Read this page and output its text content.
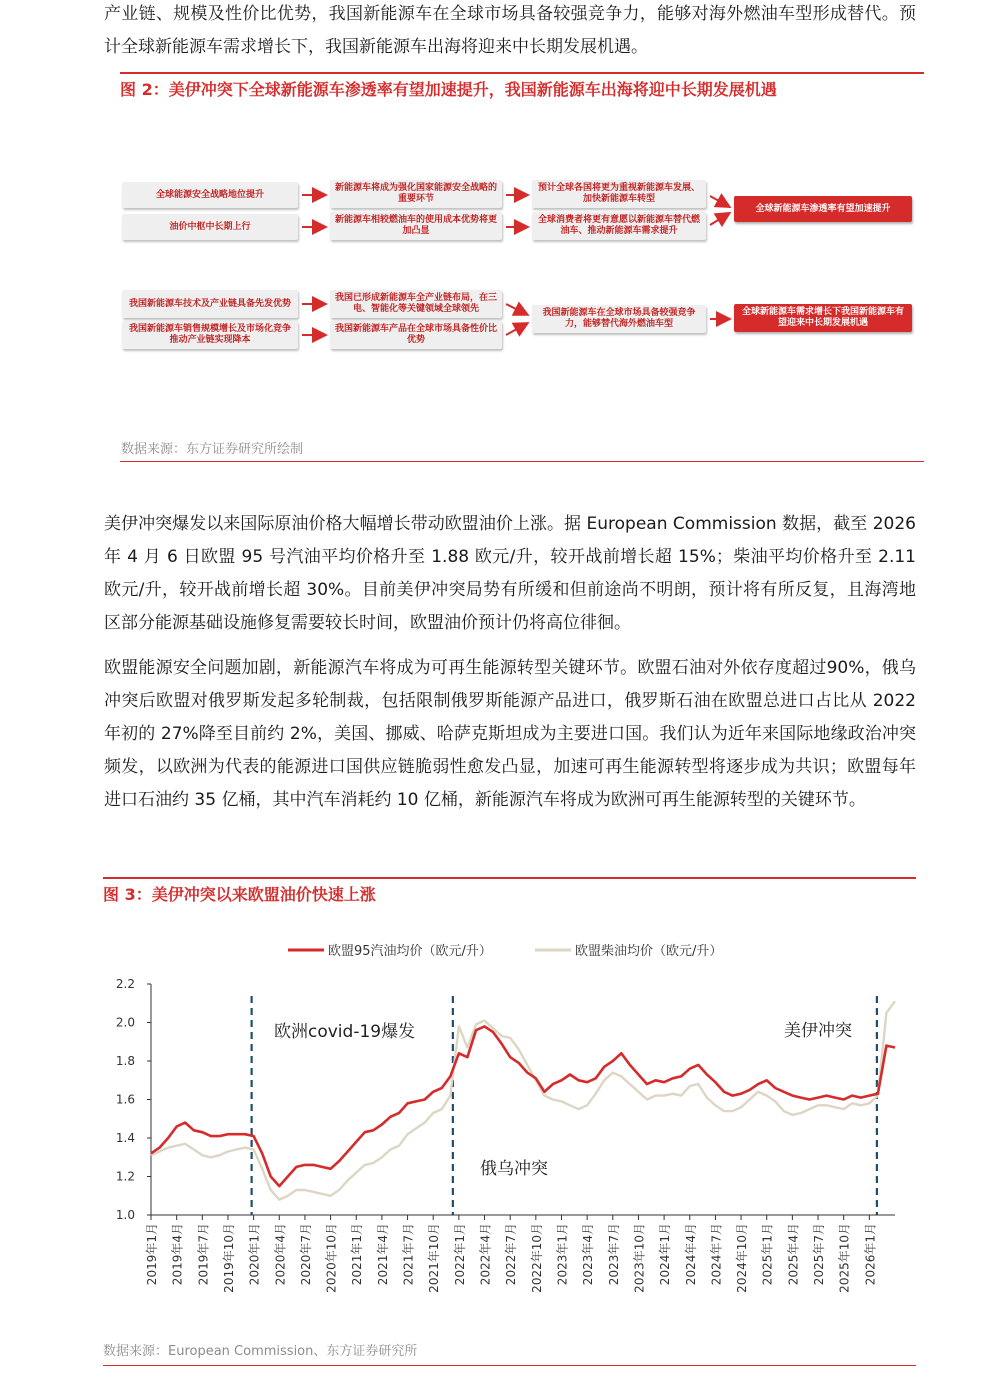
产业链、规模及性价比优势，我国新能源车在全球市场具备较强竞争力，能够对海外燃油车型形成替代。预计全球新能源车需求增长下，我国新能源车出海将迎来中长期发展机遇。

图 2：美伊冲突下全球新能源车渗透率有望加速提升，我国新能源车出海将迎中长期发展机遇
全球能源安全战略地位提升
油价中枢中长期上行
新能源车将成为强化国家能源安全战略的重要环节
新能源车相较燃油车的使用成本优势将更加凸显
预计全球各国将更为重视新能源车发展、加快新能源车转型
全球消费者将更有意愿以新能源车替代燃油车、推动新能源车需求提升
全球新能源车渗透率有望加速提升
我国新能源车技术及产业链具备先发优势
我国新能源车销售规模增长及市场化竞争推动产业链实现降本
我国已形成新能源车全产业链布局，在三电、智能化等关键领域全球领先
我国新能源车产品在全球市场具备性价比优势
我国新能源车在全球市场具备较强竞争力，能够替代海外燃油车型
全球新能源车需求增长下我国新能源车有望迎来中长期发展机遇
数据来源：东方证券研究所绘制

美伊冲突爆发以来国际原油价格大幅增长带动欧盟油价上涨。据 European Commission 数据，截至 2026 年 4 月 6 日欧盟 95 号汽油平均价格升至 1.88 欧元/升，较开战前增长超 15%；柴油平均价格升至 2.11 欧元/升，较开战前增长超 30%。目前美伊冲突局势有所缓和但前途尚不明朗，预计将有所反复，且海湾地区部分能源基础设施修复需要较长时间，欧盟油价预计仍将高位徘徊。

欧盟能源安全问题加剧，新能源汽车将成为可再生能源转型关键环节。欧盟石油对外依存度超过90%，俄乌冲突后欧盟对俄罗斯发起多轮制裁，包括限制俄罗斯能源产品进口，俄罗斯石油在欧盟总进口占比从 2022 年初的 27%降至目前约 2%，美国、挪威、哈萨克斯坦成为主要进口国。我们认为近年来国际地缘政治冲突频发，以欧洲为代表的能源进口国供应链脆弱性愈发凸显，加速可再生能源转型将逐步成为共识；欧盟每年进口石油约 35 亿桶，其中汽车消耗约 10 亿桶，新能源汽车将成为欧洲可再生能源转型的关键环节。

图 3：美伊冲突以来欧盟油价快速上涨
1.0
1.2
1.4
1.6
1.8
2.0
2.2
2019年1月 2019年4月 2019年7月 2019年10月 2020年1月 2020年4月 2020年7月 2020年10月 2021年1月 2021年4月 2021年7月 2021年10月 2022年1月 2022年4月 2022年7月 2022年10月 2023年1月 2023年4月 2023年7月 2023年10月 2024年1月 2024年4月 2024年7月 2024年10月 2025年1月 2025年4月 2025年7月 2025年10月 2026年1月
欧洲covid-19爆发
俄乌冲突
美伊冲突
欧盟95汽油均价（欧元/升）	欧盟柴油均价（欧元/升）
数据来源：European Commission、东方证券研究所
